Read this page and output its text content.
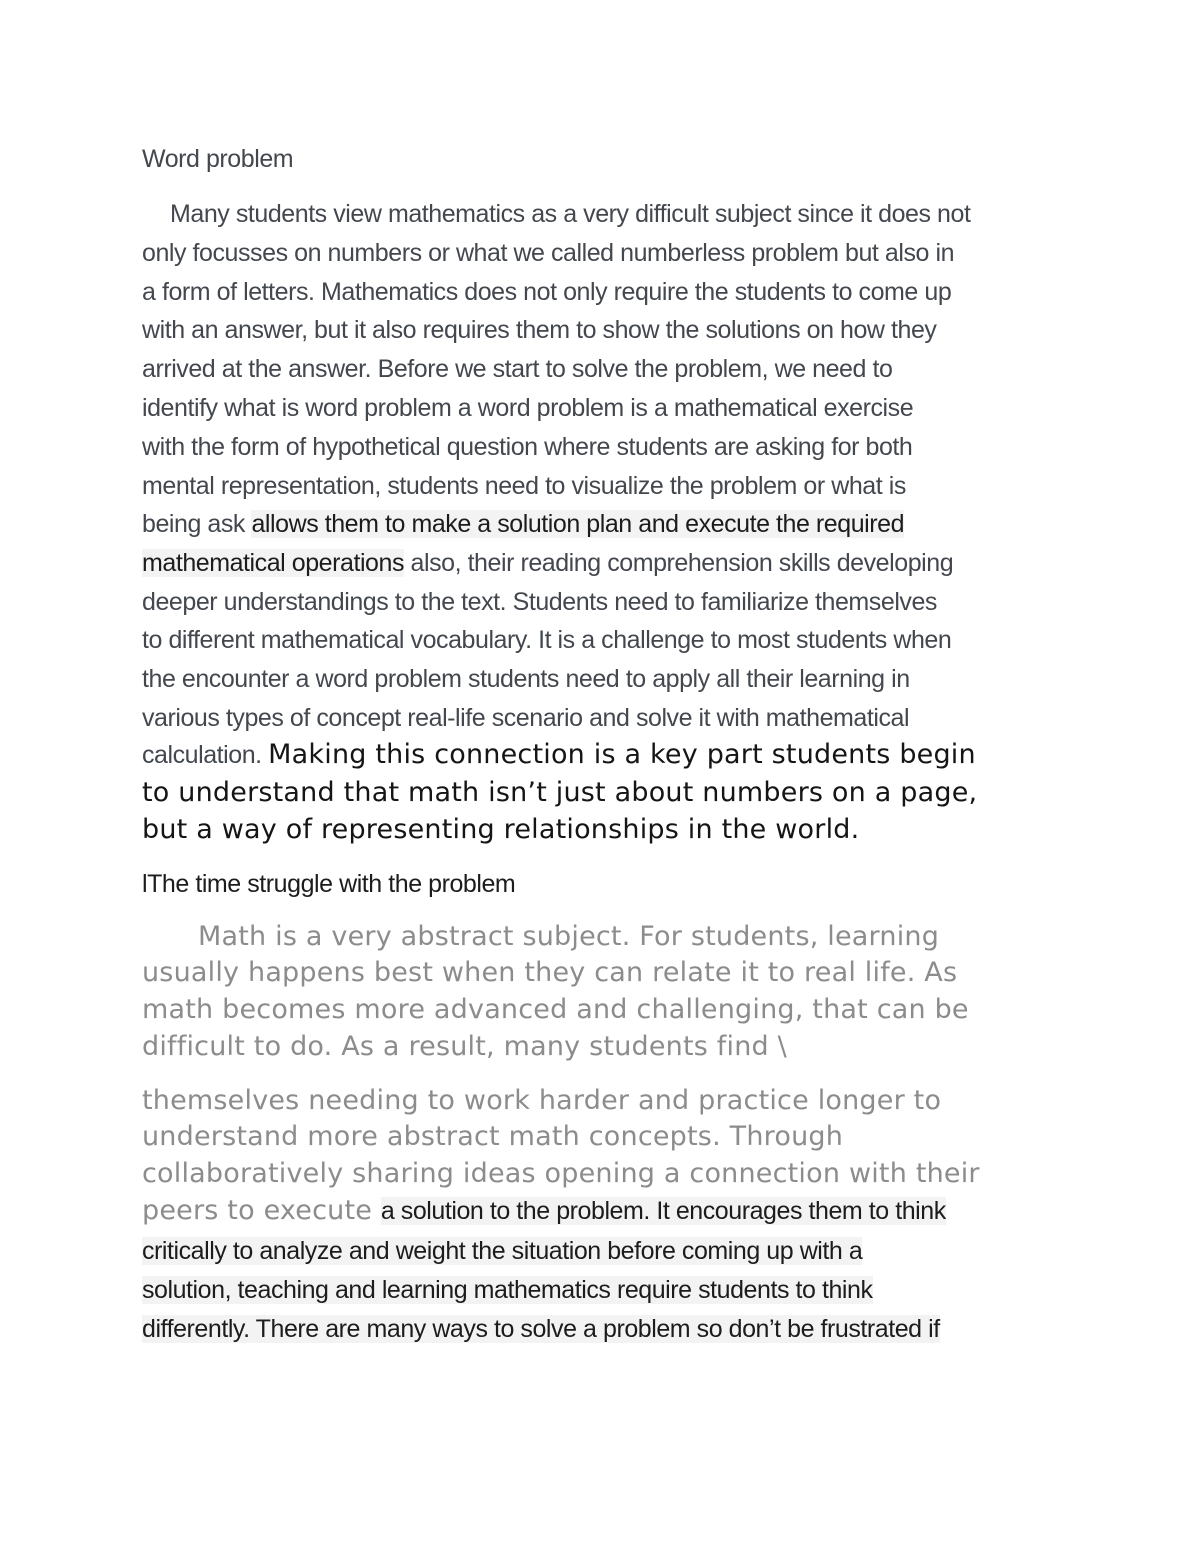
Word problem
Many students view mathematics as a very difficult subject since it does not
only focusses on numbers or what we called numberless problem but also in
a form of letters. Mathematics does not only require the students to come up
with an answer, but it also requires them to show the solutions on how they
arrived at the answer. Before we start to solve the problem, we need to
identify what is word problem a word problem is a mathematical exercise
with the form of hypothetical question where students are asking for both
mental representation, students need to visualize the problem or what is
being ask allows them to make a solution plan and execute the required
mathematical operations also, their reading comprehension skills developing
deeper understandings to the text. Students need to familiarize themselves
to different mathematical vocabulary. It is a challenge to most students when
the encounter a word problem students need to apply all their learning in
various types of concept real-life scenario and solve it with mathematical
calculation. Making this connection is a key part students begin
to understand that math isn’t just about numbers on a page,
but a way of representing relationships in the world.
lThe time struggle with the problem
Math is a very abstract subject. For students, learning
usually happens best when they can relate it to real life. As
math becomes more advanced and challenging, that can be
difficult to do. As a result, many students find \
themselves needing to work harder and practice longer to
understand more abstract math concepts. Through
collaboratively sharing ideas opening a connection with their
peers to execute a solution to the problem. It encourages them to think
critically to analyze and weight the situation before coming up with a
solution, teaching and learning mathematics require students to think
differently. There are many ways to solve a problem so don’t be frustrated if
